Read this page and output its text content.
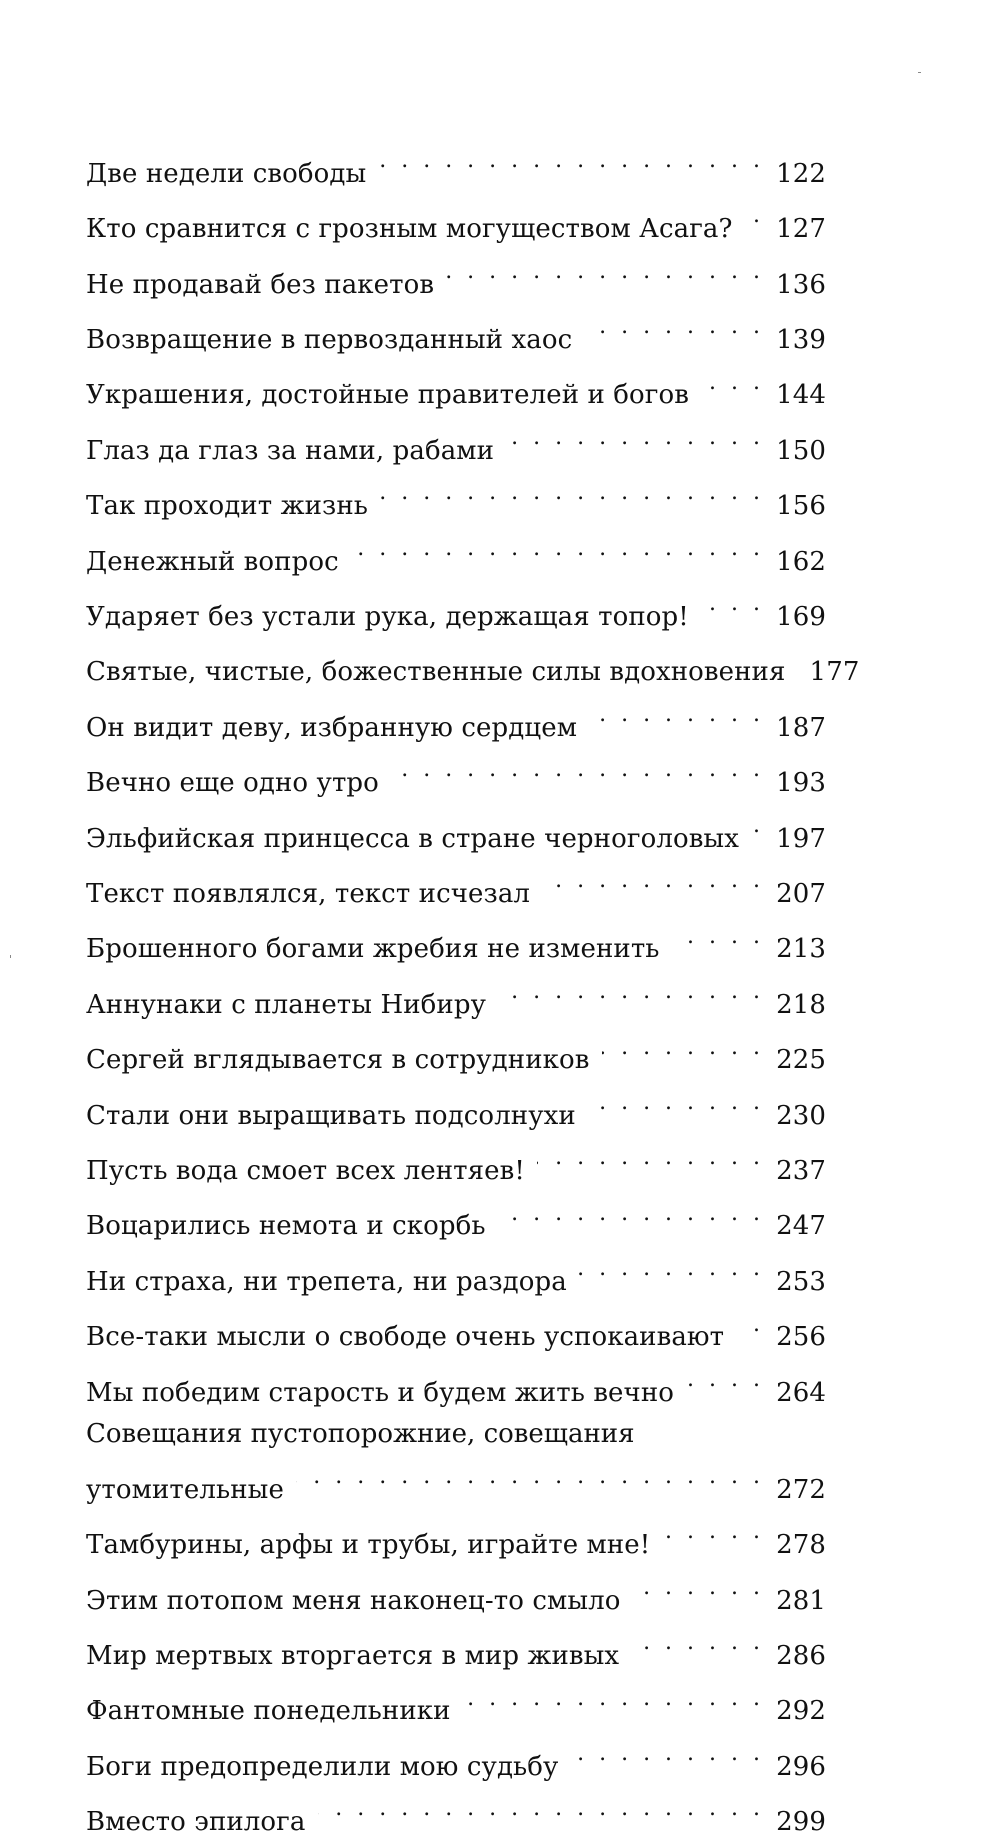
Две недели свободы . . .	122
Кто сравнится с грозным могуществом Асага? . . . 127
Не продавай без пакетов . . .	136
Возвращение в первозданный хаос . . .	139
Украшения, достойные правителей и богов . . .	144
Глаз да глаз за нами, рабами . . .	150
Так проходит жизнь . . .	156
Денежный вопрос . . .	162
Ударяет без устали рука, держащая топор! . . .	169
Святые, чистые, божественные силы вдохновения 177
Он видит деву, избранную сердцем . . .	187
Вечно еще одно утро . . .	193
Эльфийская принцесса в стране черноголовых . . . 197
Текст появлялся, текст исчезал . . .	207
Брошенного богами жребия не изменить . . .	213
Аннунаки с планеты Нибиру . . .	218
Сергей вглядывается в сотрудников . . .	225
Стали они выращивать подсолнухи . . .	230
Пусть вода смоет всех лентяев! . . .	237
Воцарились немота и скорбь . . .	247
Ни страха, ни трепета, ни раздора . . .	253
Все-таки мысли о свободе очень успокаивают . . . 256
Мы победим старость и будем жить вечно . . .	264
Совещания пустопорожние, совещания
утомительные . . .	272
Тамбурины, арфы и трубы, играйте мне! . . .	278
Этим потопом меня наконец-то смыло . . .	281
Мир мертвых вторгается в мир живых . . .	286
Фантомные понедельники . . .	292
Боги предопределили мою судьбу . . .	296
Вместо эпилога . . .	299
